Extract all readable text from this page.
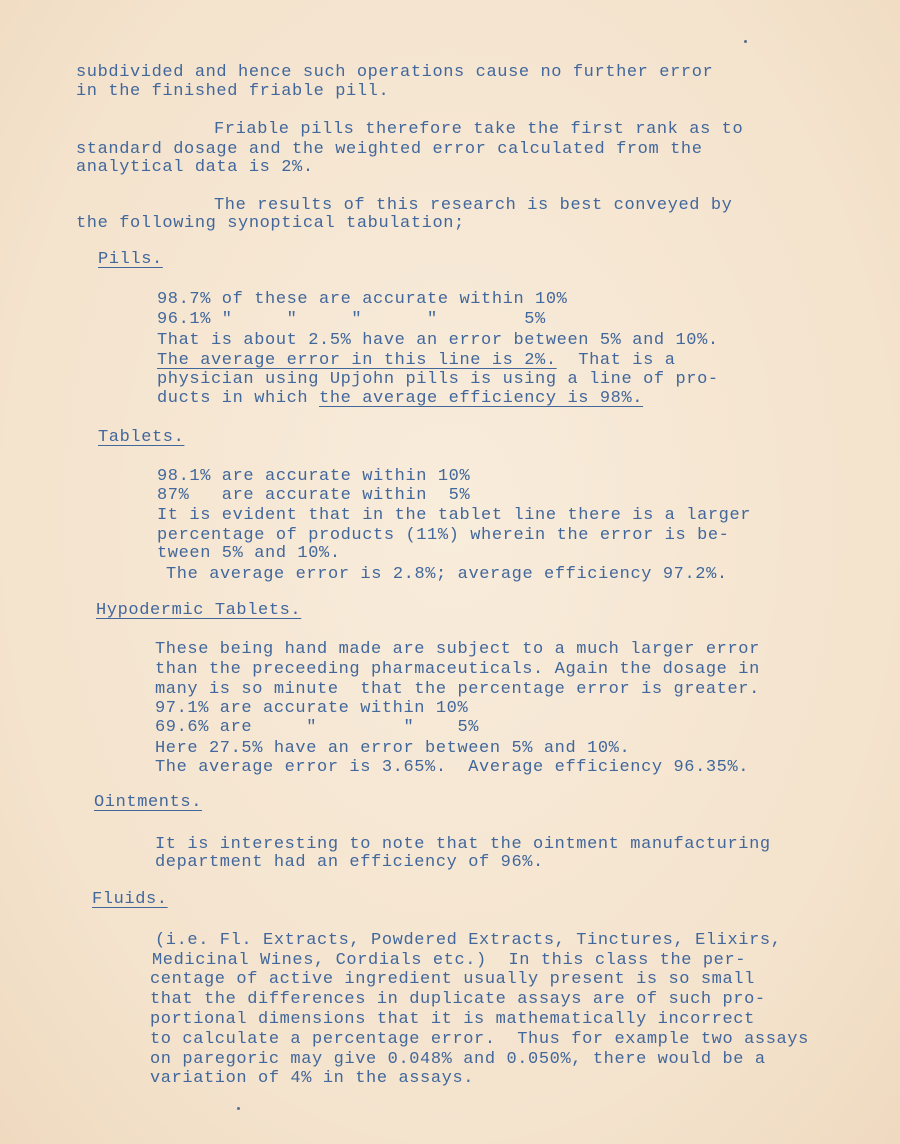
subdivided and hence such operations cause no further error
in the finished friable pill.
Friable pills therefore take the first rank as to
standard dosage and the weighted error calculated from the
analytical data is 2%.
The results of this research is best conveyed by
the following synoptical tabulation;
Pills.
98.7% of these are accurate within 10%
96.1% "     "     "      "        5%
That is about 2.5% have an error between 5% and 10%.
The average error in this line is 2%.  That is a
physician using Upjohn pills is using a line of pro-
ducts in which the average efficiency is 98%.
Tablets.
98.1% are accurate within 10%
87%   are accurate within  5%
It is evident that in the tablet line there is a larger
percentage of products (11%) wherein the error is be-
tween 5% and 10%.
The average error is 2.8%; average efficiency 97.2%.
Hypodermic Tablets.
These being hand made are subject to a much larger error
than the preceeding pharmaceuticals. Again the dosage in
many is so minute  that the percentage error is greater.
97.1% are accurate within 10%
69.6% are     "        "    5%
Here 27.5% have an error between 5% and 10%.
The average error is 3.65%.  Average efficiency 96.35%.
Ointments.
It is interesting to note that the ointment manufacturing
department had an efficiency of 96%.
Fluids.
(i.e. Fl. Extracts, Powdered Extracts, Tinctures, Elixirs,
Medicinal Wines, Cordials etc.)  In this class the per-
centage of active ingredient usually present is so small
that the differences in duplicate assays are of such pro-
portional dimensions that it is mathematically incorrect
to calculate a percentage error.  Thus for example two assays
on paregoric may give 0.048% and 0.050%, there would be a
variation of 4% in the assays.
